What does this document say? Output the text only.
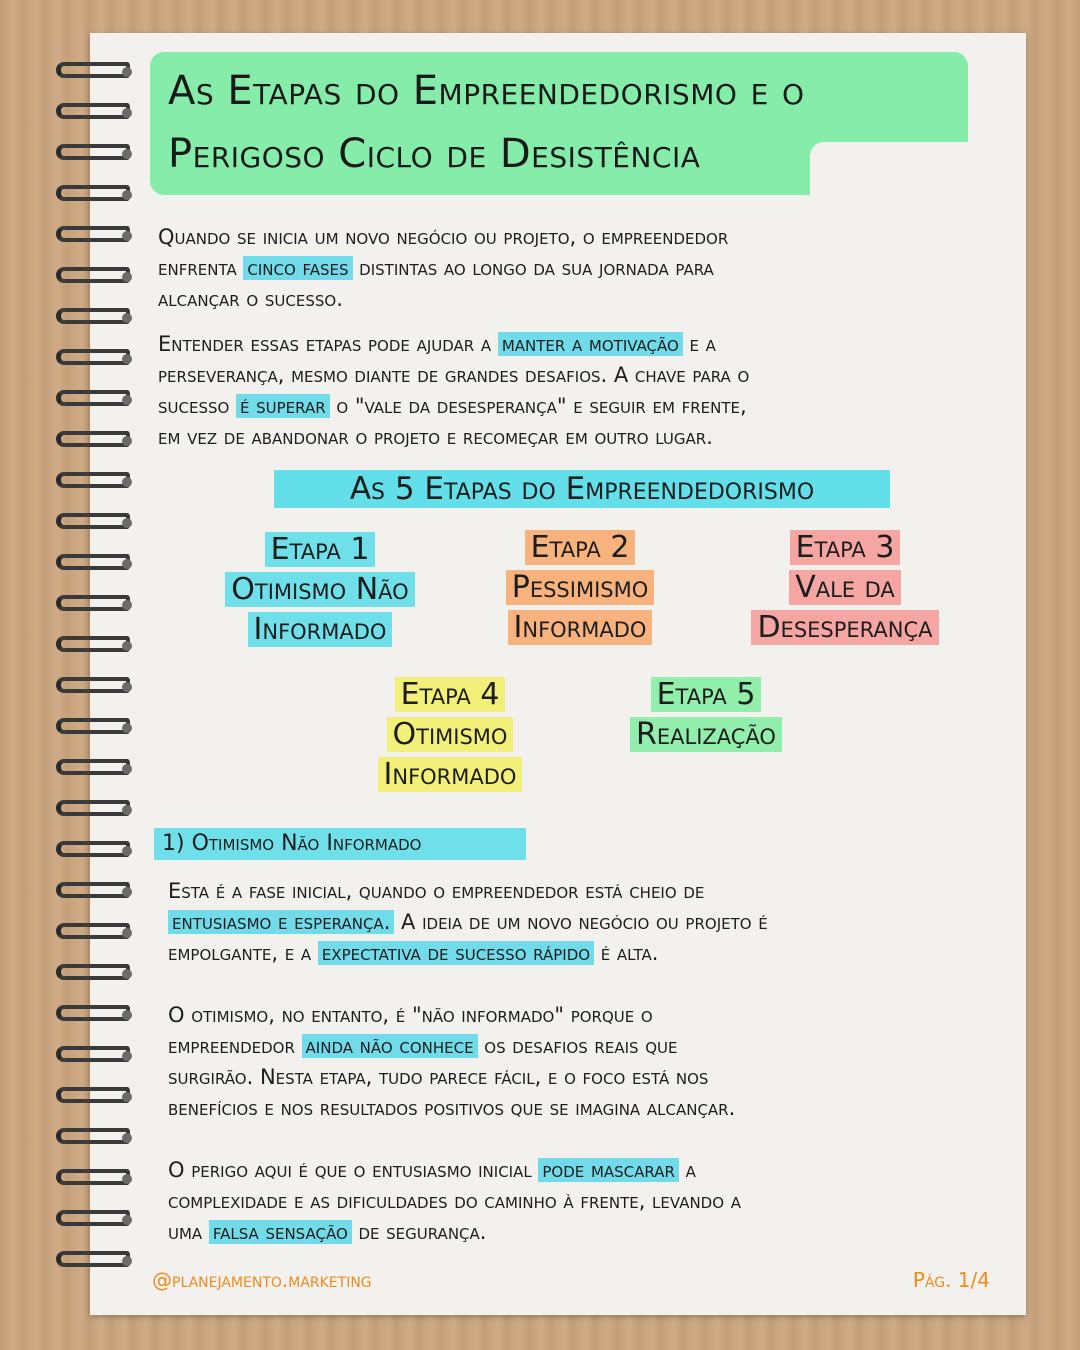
As Etapas do Empreendedorismo e o
Perigoso Ciclo de Desistência
Quando se inicia um novo negócio ou projeto, o empreendedor
enfrenta cinco fases distintas ao longo da sua jornada para
alcançar o sucesso.
Entender essas etapas pode ajudar a manter a motivação e a
perseverança, mesmo diante de grandes desafios. A chave para o
sucesso é superar o "vale da desesperança" e seguir em frente,
em vez de abandonar o projeto e recomeçar em outro lugar.
As 5 Etapas do Empreendedorismo
Etapa 1
Otimismo Não
Informado
Etapa 2
Pessimismo
Informado
Etapa 3
Vale da
Desesperança
Etapa 4
Otimismo
Informado
Etapa 5
Realização
1) Otimismo Não Informado
Esta é a fase inicial, quando o empreendedor está cheio de
entusiasmo e esperança. A ideia de um novo negócio ou projeto é
empolgante, e a expectativa de sucesso rápido é alta.
O otimismo, no entanto, é "não informado" porque o
empreendedor ainda não conhece os desafios reais que
surgirão. Nesta etapa, tudo parece fácil, e o foco está nos
benefícios e nos resultados positivos que se imagina alcançar.
O perigo aqui é que o entusiasmo inicial pode mascarar a
complexidade e as dificuldades do caminho à frente, levando a
uma falsa sensação de segurança.
@planejamento.marketing	Pág. 1/4
